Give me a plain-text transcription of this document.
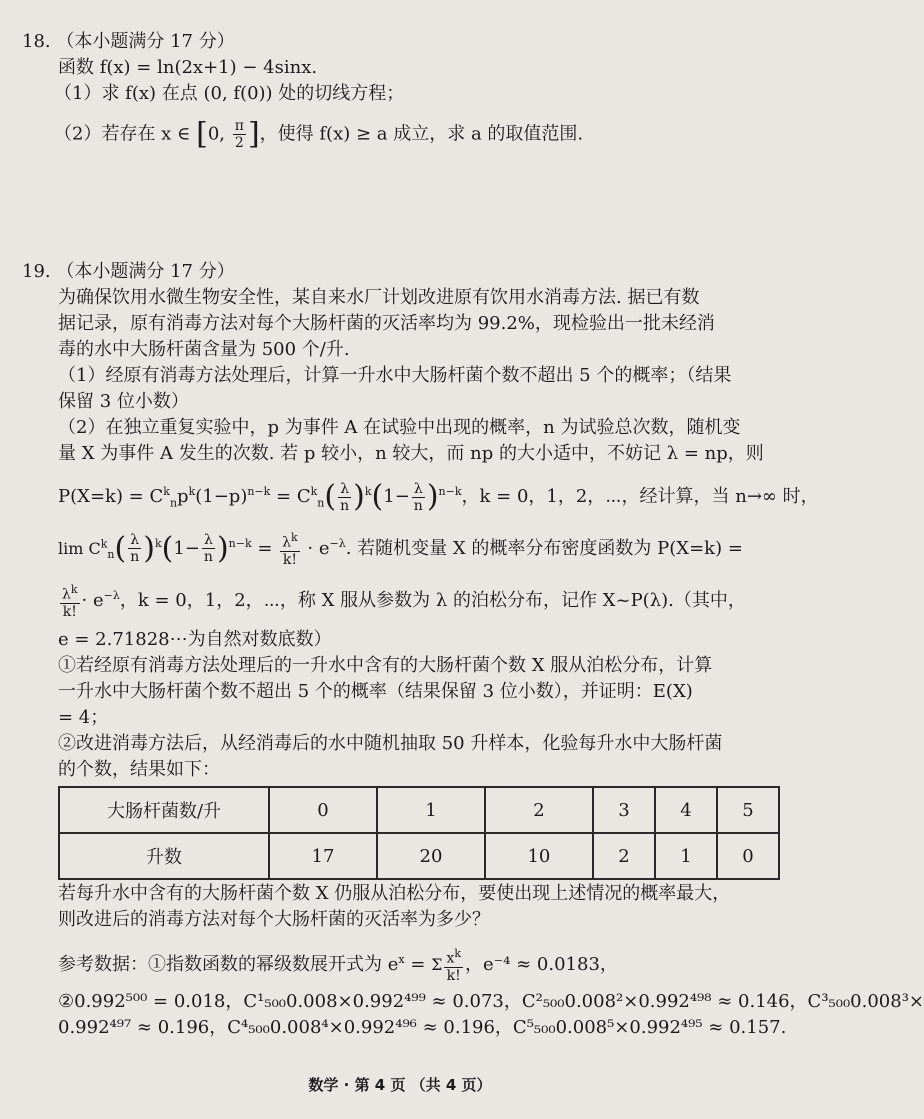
18. （本小题满分 17 分）
函数 f(x) = ln(2x+1) − 4sinx.
（1）求 f(x) 在点 (0, f(0)) 处的切线方程；
（2）若存在 x ∈ [0, $\frac{\pi}{2}$ ]，使得 f(x) ≥ a 成立，求 a 的取值范围.
19. （本小题满分 17 分）
为确保饮用水微生物安全性，某自来水厂计划改进原有饮用水消毒方法. 据已有数
据记录，原有消毒方法对每个大肠杆菌的灭活率均为 99.2%，现检验出一批未经消
毒的水中大肠杆菌含量为 500 个/升.
（1）经原有消毒方法处理后，计算一升水中大肠杆菌个数不超出 5 个的概率；（结果
保留 3 位小数）
（2）在独立重复实验中，p 为事件 A 在试验中出现的概率，n 为试验总次数，随机变
量 X 为事件 A 发生的次数. 若 p 较小，n 较大，而 np 的大小适中，不妨记 λ = np，则
$P(X=k) = C^k_np^k(1-p)^{n-k} = C^k_n( \frac{\lambda}{n} )^k(1- \frac{\lambda}{n} )^{n-k}$，k = 0，1，2，⋯，经计算，当 n→∞ 时，
$\lim C^k_n( \frac{\lambda}{n} )^k(1- \frac{\lambda}{n} )^{n-k} = \frac{\lambda^k}{k!} \cdot e^{-\lambda}$. 若随机变量 X 的概率分布密度函数为 P(X=k) =
$\frac{\lambda^k}{k!} \cdot e^{-\lambda}$，k = 0，1，2，⋯，称 X 服从参数为 λ 的泊松分布，记作 X~P(λ).（其中，
e = 2.71828⋯为自然对数底数）
①若经原有消毒方法处理后的一升水中含有的大肠杆菌个数 X 服从泊松分布，计算
一升水中大肠杆菌个数不超出 5 个的概率（结果保留 3 位小数），并证明：E(X)
= 4；
②改进消毒方法后，从经消毒后的水中随机抽取 50 升样本，化验每升水中大肠杆菌
的个数，结果如下：
大肠杆菌数/升	0	1	2	3	4	5
升数	17	20	10	2	1	0
若每升水中含有的大肠杆菌个数 X 仍服从泊松分布，要使出现上述情况的概率最大，
则改进后的消毒方法对每个大肠杆菌的灭活率为多少？
参考数据：①指数函数的幂级数展开式为 $e^x = \Sigma \frac{x^k}{k!}$ ，e⁻⁴ ≈ 0.0183，
②0.992⁵⁰⁰ = 0.018，C¹₅₀₀0.008×0.992⁴⁹⁹ ≈ 0.073，C²₅₀₀0.008²×0.992⁴⁹⁸ ≈ 0.146，C³₅₀₀0.008³×
0.992⁴⁹⁷ ≈ 0.196，C⁴₅₀₀0.008⁴×0.992⁴⁹⁶ ≈ 0.196，C⁵₅₀₀0.008⁵×0.992⁴⁹⁵ ≈ 0.157.
数学 · 第 4 页 （共 4 页）
